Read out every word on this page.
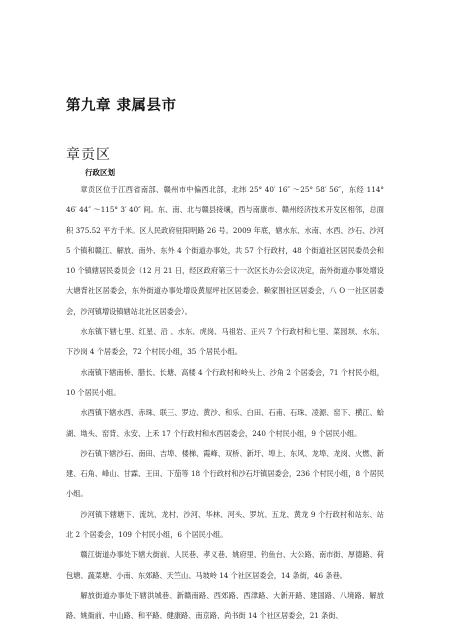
第九章 隶属县市
章贡区
行政区划

章贡区位于江西省南部、赣州市中偏西北部，北纬 25° 40′ 16″ ～25° 58′ 56″，东经 114° 46′ 44″ ～115° 3′ 40″ 间。东、南、北与赣县接壤，西与南康市、赣州经济技术开发区相邻，总面积 375.52 平方千米。区人民政府驻阳明路 26 号。2009 年底，辖水东、水南、水西、沙石、沙河 5 个镇和赣江、解放、南外、东外 4 个街道办事处，共 57 个行政村，48 个街道社区居民委员会和 10 个镇辖居民委员会（12 月 21 日，经区政府第三十一次区长办公会议决定，南外街道办事处增设大塘背社区居委会，东外街道办事处增设黄屋坪社区居委会、赖家围社区居委会，八 O 一社区居委会，沙河镇增设镇辖站北社区居委会）。

水东镇下辖七里、红星、沿 、水东、虎岗、马祖岩、正兴 7 个行政村和七里、菜园坝、水东、下沙岗 4 个居委会，72 个村民小组，35 个居民小组。

水南镇下辖南桥、腊长、长塘、高楼 4 个行政村和岭头上、沙角 2 个居委会，71 个村民小组，10 个居民小组。

水西镇下辖水西、赤珠、联三、罗边、黄沙、和乐、白田、石甫、石珠、凌源、窑下、横江、蛤湖、坳头、窑背、永安、上禾 17 个行政村和水西居委会，240 个村民小组，9 个居民小组。

沙石镇下辖沙石、南田、吉埠、楼梯、霞峰、双桥、新圩、埠上、东风、龙埠、龙岗、火燃、新建、石角、峰山、甘霖、王田、下茄等 18 个行政村和沙石圩镇居委会，236 个村民小组，8 个居民小组。

沙河镇下辖塘下、流坑、龙村、沙河、华林、河头、罗坑、五龙、黄龙 9 个行政村和站东、站北 2 个居委会，109 个村民小组，6 个居民小组。

赣江街道办事处下辖大街前、人民巷、孝义巷、姚府里、钓鱼台、大公路、南市街、厚德路、荷包塘、蔬菜塘、小南、东郊路、天竺山、马坡岭 14 个社区居委会，14 条街，46 条巷。

解放街道办事处下辖洪城巷、新赣南路、西郊路、西津路、大新开路、建国路、八境路、解放路、姚衙前、中山路、和平路、健康路、南京路、尚书街 14 个社区居委会，21 条街、
